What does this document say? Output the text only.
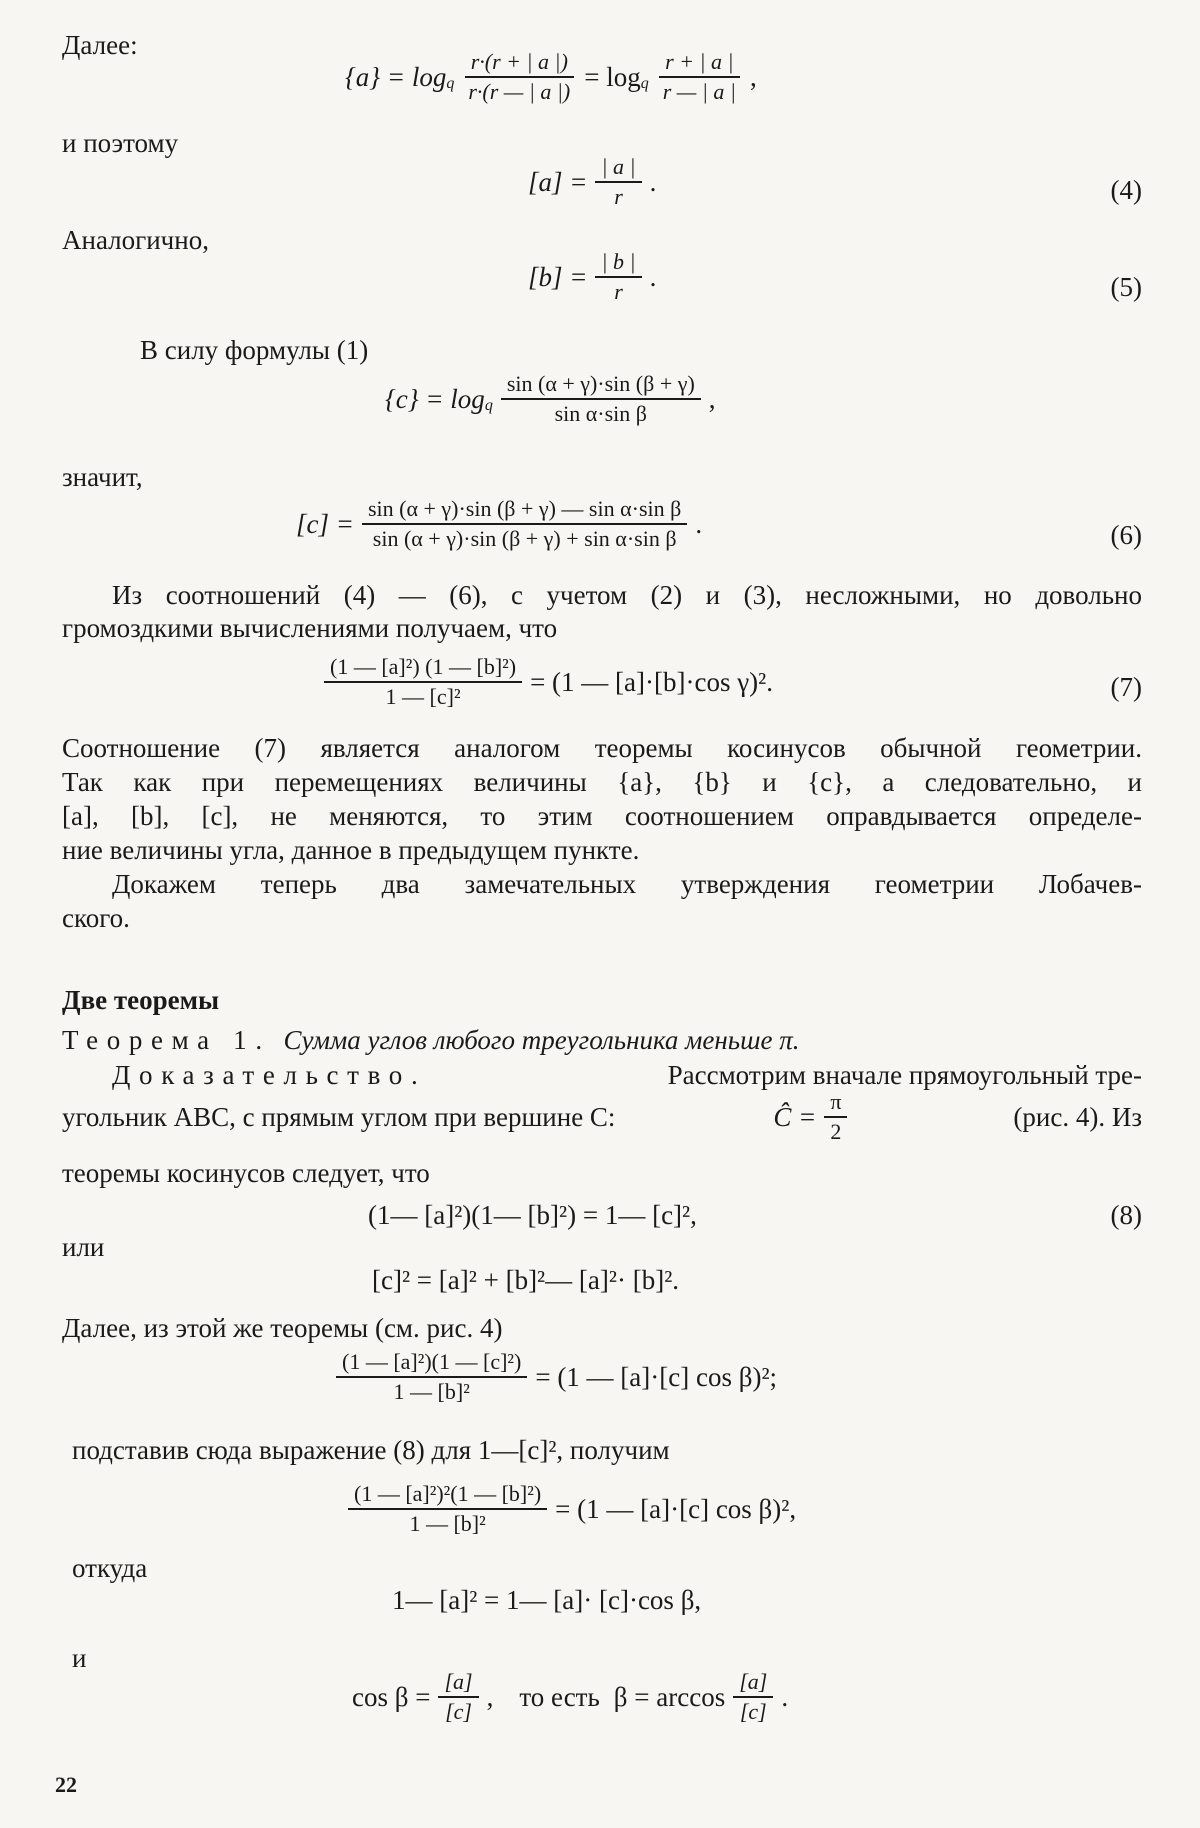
Далее:
$\{a\} = \log_q \frac{r\cdot(r + | a |)}{r\cdot(r — | a |)} = \log_q \frac{r + | a |}{r — | a |}$ ,
и поэтому
$[a] = \frac{| a |}{r}$ .	(4)
Аналогично,
$[b] = \frac{| b |}{r}$ .	(5)
В силу формулы (1)
$\{c\} = \log_q \frac{\sin (\alpha + \gamma)\cdot\sin (\beta + \gamma)}{\text{sin α·sin β}}$ ,
значит,
$[c] = \frac{\text{sin (α + γ)·sin (β + γ) — sin α·sin β}}{\text{sin (α + γ)·sin (β + γ) + sin α·sin β}}$ .	(6)
Из соотношений (4) — (6), с учетом (2) и (3), несложными, но довольно
громоздкими вычислениями получаем, что
$\frac{\text{(1 — [a]²) (1 — [b]²)}}{\text{1 — [c]²}} = (1$ — [a]·[b]·cos γ)².	(7)
Соотношение (7) является аналогом теоремы косинусов обычной геометрии.
Так как при перемещениях величины {a}, {b} и {c}, а следовательно, и
[a], [b], [c], не меняются, то этим соотношением оправдывается определе-
ние величины угла, данное в предыдущем пункте.
Докажем теперь два замечательных утверждения геометрии Лобачев-
ского.
Две теоремы
Теорема 1. Сумма углов любого треугольника меньше π.
Доказательство.	Рассмотрим вначале прямоугольный тре-
угольник ABC, с прямым углом при вершине C:	Ĉ = $\frac{\pi}{2}$	(рис. 4). Из
теоремы косинусов следует, что
(1— [a]²)(1— [b]²) = 1— [c]²,	(8)
или
[c]² = [a]² + [b]²— [a]²· [b]².
Далее, из этой же теоремы (см. рис. 4)
$\frac{\text{(1 — [a]²)(1 — [c]²)}}{\text{1 — [b]²}} = (1$ — [a]·[c] cos β)²;
подставив сюда выражение (8) для 1—[c]², получим
$\frac{\text{(1 — [a]²)²(1 — [b]²)}}{\text{1 — [b]²}} = (1$ — [a]·[c] cos β)²,
откуда
1— [a]² = 1— [a]· [c]·cos β,
и
$\cos \beta = \frac{[a]}{[c]}$ , то есть $\beta = \arccos \frac{[a]}{[c]}$ .
22
